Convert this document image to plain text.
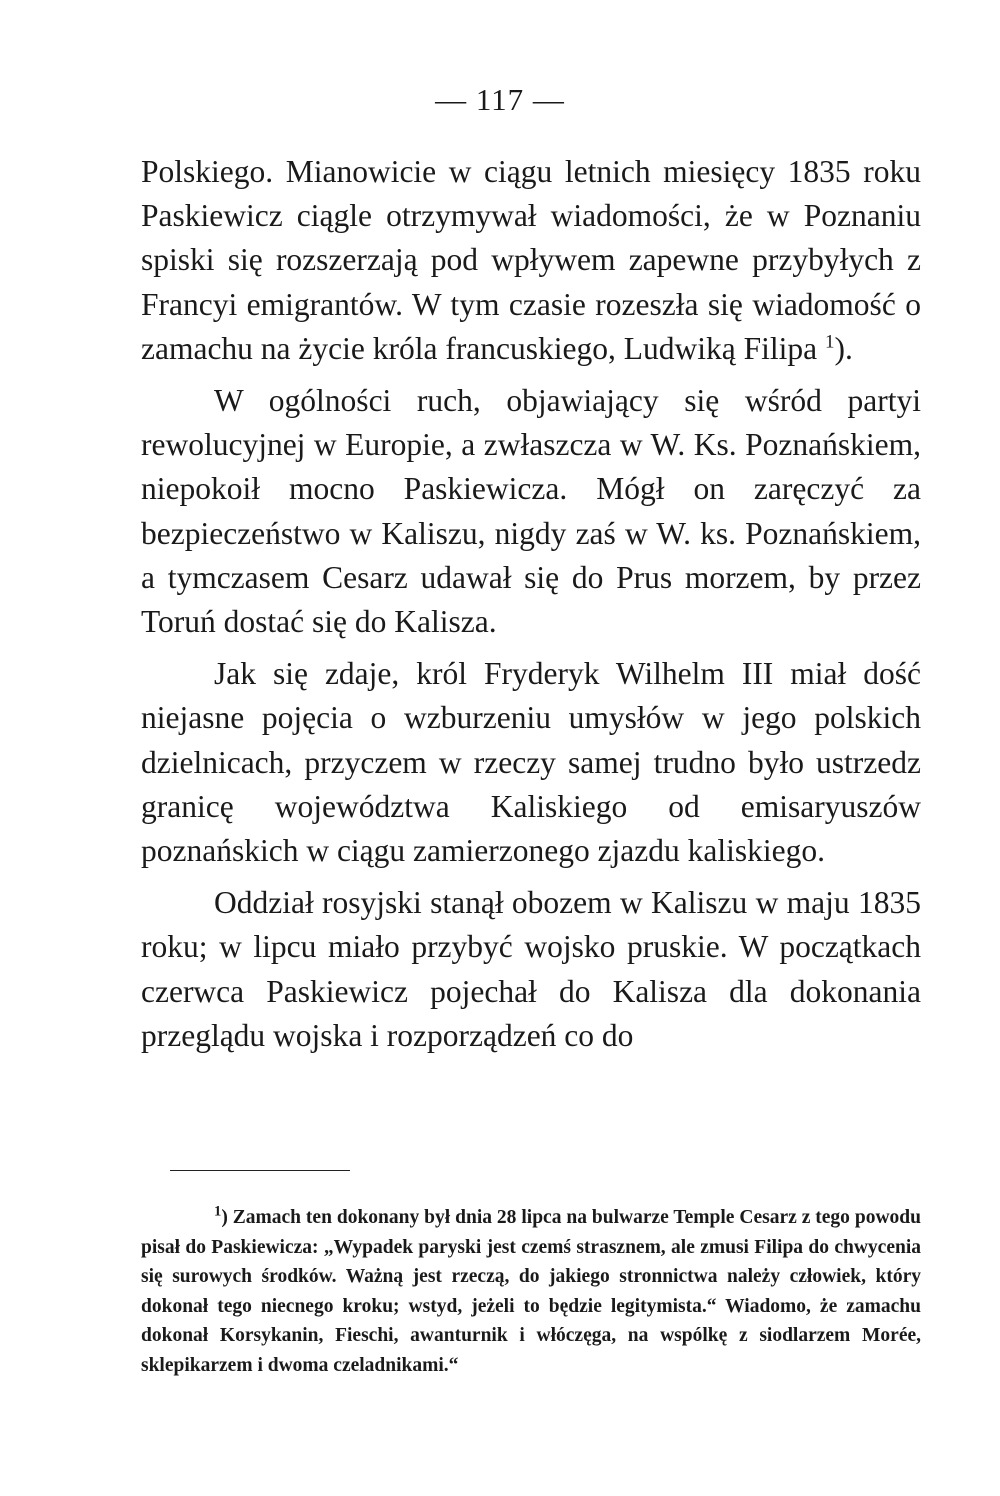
— 117 —

Polskiego. Mianowicie w ciągu letnich miesięcy 1835 roku Paskiewicz ciągle otrzymywał wiadomości, że w Poznaniu spiski się rozszerzają pod wpływem zapewne przybyłych z Francyi emigrantów. W tym czasie rozeszła się wiadomość o zamachu na życie króla francuskiego, Ludwiką Filipa $^1$).

W ogólności ruch, objawiający się wśród partyi rewolucyjnej w Europie, a zwłaszcza w W. Ks. Poznańskiem, niepokoił mocno Paskiewicza. Mógł on zaręczyć za bezpieczeństwo w Kaliszu, nigdy zaś w W. ks. Poznańskiem, a tymczasem Cesarz udawał się do Prus morzem, by przez Toruń dostać się do Kalisza.

Jak się zdaje, król Fryderyk Wilhelm III miał dość niejasne pojęcia o wzburzeniu umysłów w jego polskich dzielnicach, przyczem w rzeczy samej trudno było ustrzedz granicę województwa Kaliskiego od emisaryuszów poznańskich w ciągu zamierzonego zjazdu kaliskiego.

Oddział rosyjski stanął obozem w Kaliszu w maju 1835 roku; w lipcu miało przybyć wojsko pruskie. W początkach czerwca Paskiewicz pojechał do Kalisza dla dokonania przeglądu wojska i rozporządzeń co do

$^1$) Zamach ten dokonany był dnia 28 lipca na bulwarze Temple Cesarz z tego powodu pisał do Paskiewicza: „Wypadek paryski jest czemś strasznem, ale zmusi Filipa do chwycenia się surowych środków. Ważną jest rzeczą, do jakiego stronnictwa należy człowiek, który dokonał tego niecnego kroku; wstyd, jeżeli to będzie legitymista.“ Wiadomo, że zamachu dokonał Korsykanin, Fieschi, awanturnik i włóczęga, na wspólkę z siodlarzem Morée, sklepikarzem i dwoma czeladnikami.“
